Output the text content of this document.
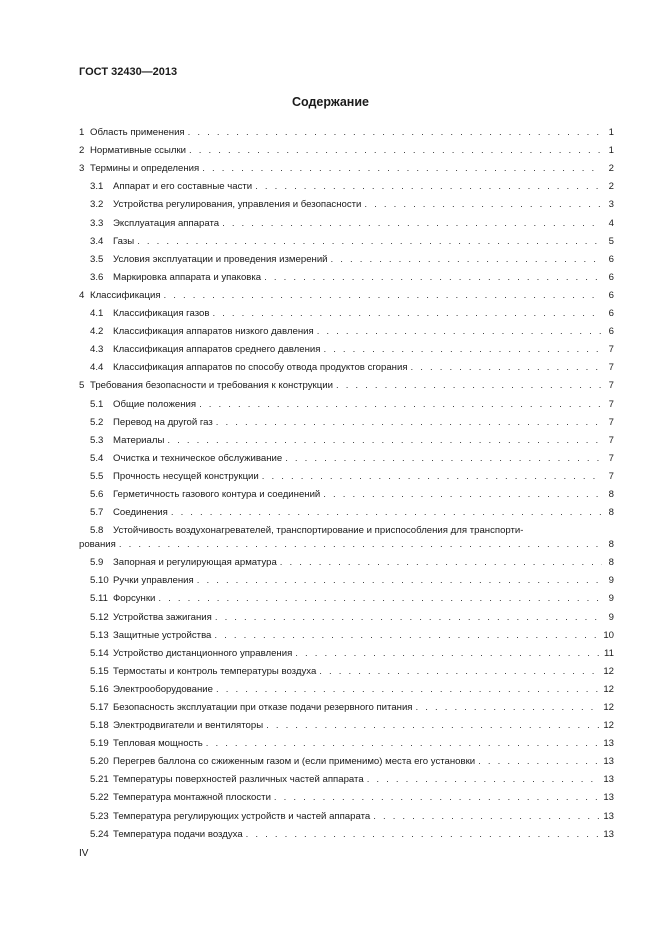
ГОСТ 32430—2013
Содержание
1 Область применения . . .	1
2 Нормативные ссылки . . .	1
3 Термины и определения . . .	2
3.1	Аппарат и его составные части . . .	2
3.2	Устройства регулирования, управления и безопасности . . .	3
3.3	Эксплуатация аппарата . . .	4
3.4	Газы . . .	5
3.5	Условия эксплуатации и проведения измерений . . .	6
3.6	Маркировка аппарата и упаковка . . .	6
4 Классификация . . .	6
4.1	Классификация газов . . .	6
4.2	Классификация аппаратов низкого давления . . .	6
4.3	Классификация аппаратов среднего давления . . .	7
4.4	Классификация аппаратов по способу отвода продуктов сгорания . . .	7
5 Требования безопасности и требования к конструкции . . .	7
5.1	Общие положения . . .	7
5.2	Перевод на другой газ . . .	7
5.3	Материалы . . .	7
5.4	Очистка и техническое обслуживание . . .	7
5.5	Прочность несущей конструкции . . .	7
5.6	Герметичность газового контура и соединений . . .	8
5.7	Соединения . . .	8
5.8	Устойчивость воздухонагревателей, транспортирование и приспособления для транспорти-
рования . . .	8
5.9	Запорная и регулирующая арматура . . .	8
5.10 Ручки управления . . .	9
5.11 Форсунки . . .	9
5.12 Устройства зажигания . . .	9
5.13 Защитные устройства . . .	10
5.14 Устройство дистанционного управления . . .	11
5.15 Термостаты и контроль температуры воздуха . . .	12
5.16 Электрооборудование . . .	12
5.17 Безопасность эксплуатации при отказе подачи резервного питания . . .	12
5.18 Электродвигатели и вентиляторы . . .	12
5.19 Тепловая мощность . . .	13
5.20 Перегрев баллона со сжиженным газом и (если применимо) места его установки . . .	13
5.21 Температуры поверхностей различных частей аппарата . . .	13
5.22 Температура монтажной плоскости . . .	13
5.23 Температура регулирующих устройств и частей аппарата . . .	13
5.24 Температура подачи воздуха . . .	13
IV
